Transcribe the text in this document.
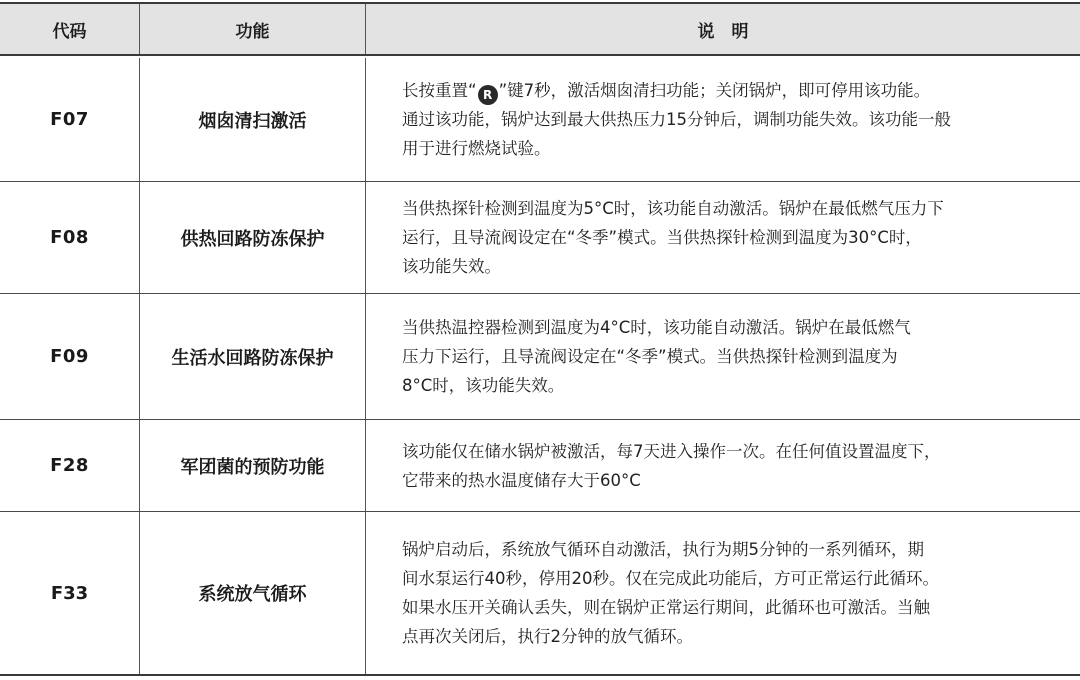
代码	功能	说　明
F07	烟囱清扫激活
长按重置“ R ”键7秒，激活烟囱清扫功能；关闭锅炉，即可停用该功能。
通过该功能，锅炉达到最大供热压力15分钟后，调制功能失效。该功能一般
用于进行燃烧试验。
F08	供热回路防冻保护
当供热探针检测到温度为5°C时，该功能自动激活。锅炉在最低燃气压力下
运行，且导流阀设定在“冬季”模式。当供热探针检测到温度为30°C时，
该功能失效。
F09	生活水回路防冻保护
当供热温控器检测到温度为4°C时，该功能自动激活。锅炉在最低燃气
压力下运行，且导流阀设定在“冬季”模式。当供热探针检测到温度为
8°C时，该功能失效。
F28	军团菌的预防功能
该功能仅在储水锅炉被激活，每7天进入操作一次。在任何值设置温度下，
它带来的热水温度储存大于60°C
F33	系统放气循环
锅炉启动后，系统放气循环自动激活，执行为期5分钟的一系列循环，期
间水泵运行40秒，停用20秒。仅在完成此功能后，方可正常运行此循环。
如果水压开关确认丢失，则在锅炉正常运行期间，此循环也可激活。当触
点再次关闭后，执行2分钟的放气循环。
